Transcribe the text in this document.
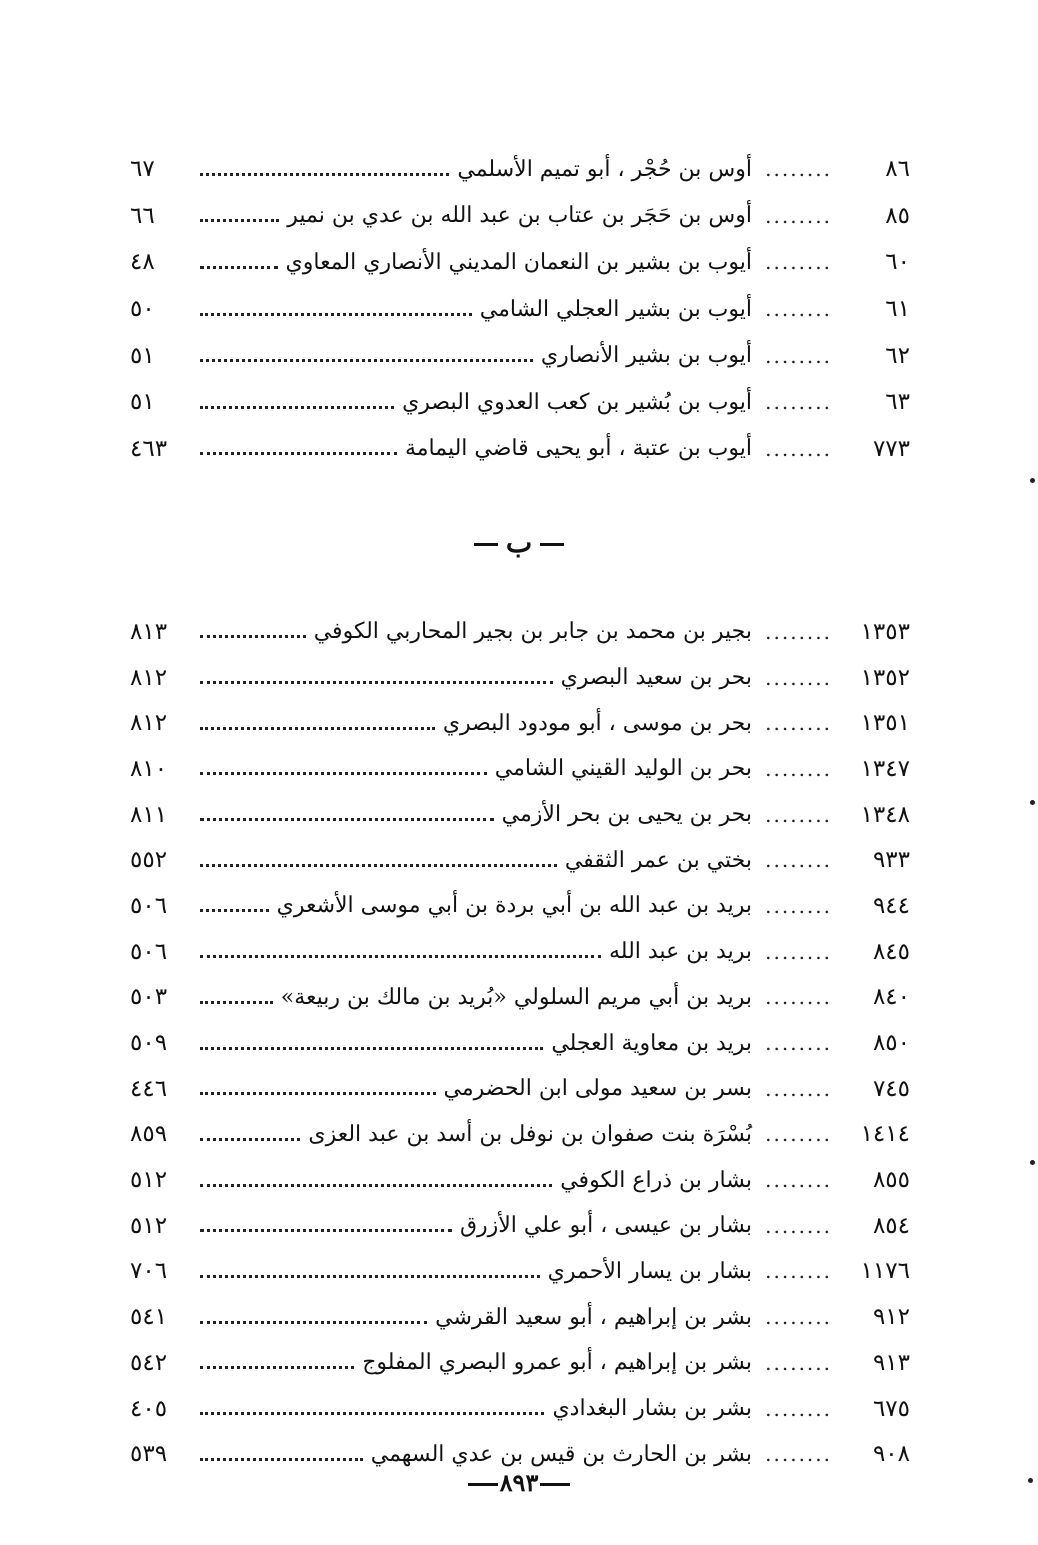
٨٦
........
أوس بن حُجْر ، أبو تميم الأسلمي
٦٧
٨٥
........
أوس بن حَجَر بن عتاب بن عبد الله بن عدي بن نمير
٦٦
٦٠
........
أيوب بن بشير بن النعمان المديني الأنصاري المعاوي
٤٨
٦١
........
أيوب بن بشير العجلي الشامي
٥٠
٦٢
........
أيوب بن بشير الأنصاري
٥١
٦٣
........
أيوب بن بُشير بن كعب العدوي البصري
٥١
٧٧٣
........
أيوب بن عتبة ، أبو يحيى قاضي اليمامة
٤٦٣
ب
١٣٥٣
........
بجير بن محمد بن جابر بن بجير المحاربي الكوفي
٨١٣
١٣٥٢
........
بحر بن سعيد البصري
٨١٢
١٣٥١
........
بحر بن موسى ، أبو مودود البصري
٨١٢
١٣٤٧
........
بحر بن الوليد القيني الشامي
٨١٠
١٣٤٨
........
بحر بن يحيى بن بحر الأزمي
٨١١
٩٣٣
........
بختي بن عمر الثقفي
٥٥٢
٩٤٤
........
بريد بن عبد الله بن أبي بردة بن أبي موسى الأشعري
٥٠٦
٨٤٥
........
بريد بن عبد الله
٥٠٦
٨٤٠
........
بريد بن أبي مريم السلولي «بُريد بن مالك بن ربيعة»
٥٠٣
٨٥٠
........
بريد بن معاوية العجلي
٥٠٩
٧٤٥
........
بسر بن سعيد مولى ابن الحضرمي
٤٤٦
١٤١٤
........
بُسْرَة بنت صفوان بن نوفل بن أسد بن عبد العزى
٨٥٩
٨٥٥
........
بشار بن ذراع الكوفي
٥١٢
٨٥٤
........
بشار بن عيسى ، أبو علي الأزرق
٥١٢
١١٧٦
........
بشار بن يسار الأحمري
٧٠٦
٩١٢
........
بشر بن إبراهيم ، أبو سعيد القرشي
٥٤١
٩١٣
........
بشر بن إبراهيم ، أبو عمرو البصري المفلوج
٥٤٢
٦٧٥
........
بشر بن بشار البغدادي
٤٠٥
٩٠٨
........
بشر بن الحارث بن قيس بن عدي السهمي
٥٣٩
٨٩٣
